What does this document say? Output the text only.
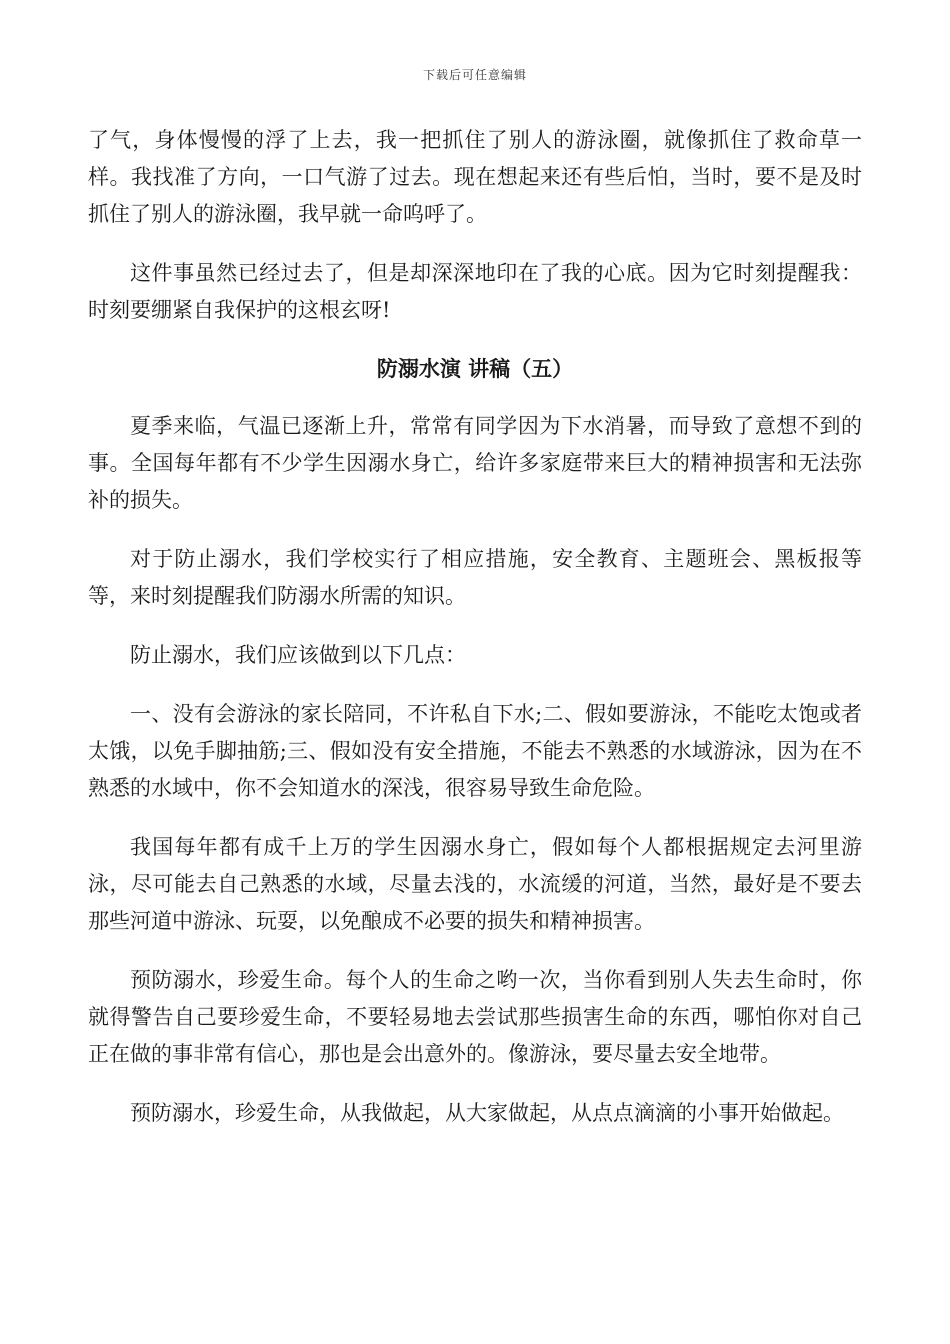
下载后可任意编辑

了气，身体慢慢的浮了上去，我一把抓住了别人的游泳圈，就像抓住了救命草一样。我找准了方向，一口气游了过去。现在想起来还有些后怕，当时，要不是及时抓住了别人的游泳圈，我早就一命呜呼了。

这件事虽然已经过去了，但是却深深地印在了我的心底。因为它时刻提醒我：时刻要绷紧自我保护的这根玄呀!

防溺水演 讲稿（五）

夏季来临，气温已逐渐上升，常常有同学因为下水消暑，而导致了意想不到的事。全国每年都有不少学生因溺水身亡，给许多家庭带来巨大的精神损害和无法弥补的损失。

对于防止溺水，我们学校实行了相应措施，安全教育、主题班会、黑板报等等，来时刻提醒我们防溺水所需的知识。

防止溺水，我们应该做到以下几点：

一、没有会游泳的家长陪同，不许私自下水;二、假如要游泳，不能吃太饱或者太饿，以免手脚抽筋;三、假如没有安全措施，不能去不熟悉的水域游泳，因为在不熟悉的水域中，你不会知道水的深浅，很容易导致生命危险。

我国每年都有成千上万的学生因溺水身亡，假如每个人都根据规定去河里游泳，尽可能去自己熟悉的水域，尽量去浅的，水流缓的河道，当然，最好是不要去那些河道中游泳、玩耍，以免酿成不必要的损失和精神损害。

预防溺水，珍爱生命。每个人的生命之哟一次，当你看到别人失去生命时，你就得警告自己要珍爱生命，不要轻易地去尝试那些损害生命的东西，哪怕你对自己正在做的事非常有信心，那也是会出意外的。像游泳，要尽量去安全地带。

预防溺水，珍爱生命，从我做起，从大家做起，从点点滴滴的小事开始做起。
